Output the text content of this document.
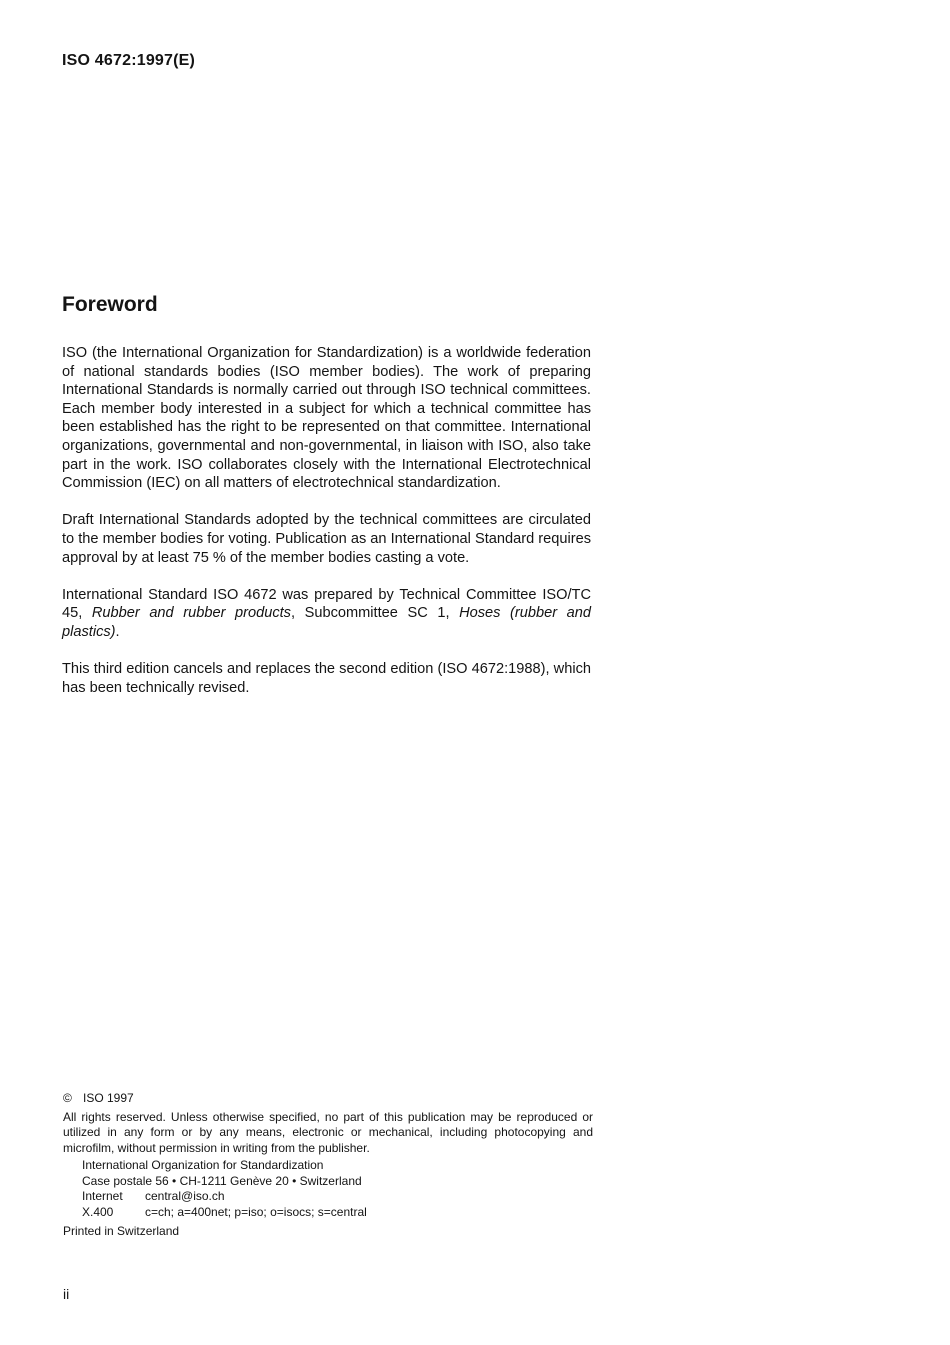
ISO 4672:1997(E)
Foreword

ISO (the International Organization for Standardization) is a worldwide federation of national standards bodies (ISO member bodies). The work of preparing International Standards is normally carried out through ISO technical committees. Each member body interested in a subject for which a technical committee has been established has the right to be represented on that committee. International organizations, governmental and non-governmental, in liaison with ISO, also take part in the work. ISO collaborates closely with the International Electrotechnical Commission (IEC) on all matters of electrotechnical standardization.

Draft International Standards adopted by the technical committees are circulated to the member bodies for voting. Publication as an International Standard requires approval by at least 75 % of the member bodies casting a vote.

International Standard ISO 4672 was prepared by Technical Committee ISO/TC 45, Rubber and rubber products, Subcommittee SC 1, Hoses (rubber and plastics).

This third edition cancels and replaces the second edition (ISO 4672:1988), which has been technically revised.

© ISO 1997
All rights reserved. Unless otherwise specified, no part of this publication may be reproduced or utilized in any form or by any means, electronic or mechanical, including photocopying and microfilm, without permission in writing from the publisher.
International Organization for Standardization
Case postale 56 • CH-1211 Genève 20 • Switzerland
Internet	central@iso.ch
X.400	c=ch; a=400net; p=iso; o=isocs; s=central
Printed in Switzerland
ii
